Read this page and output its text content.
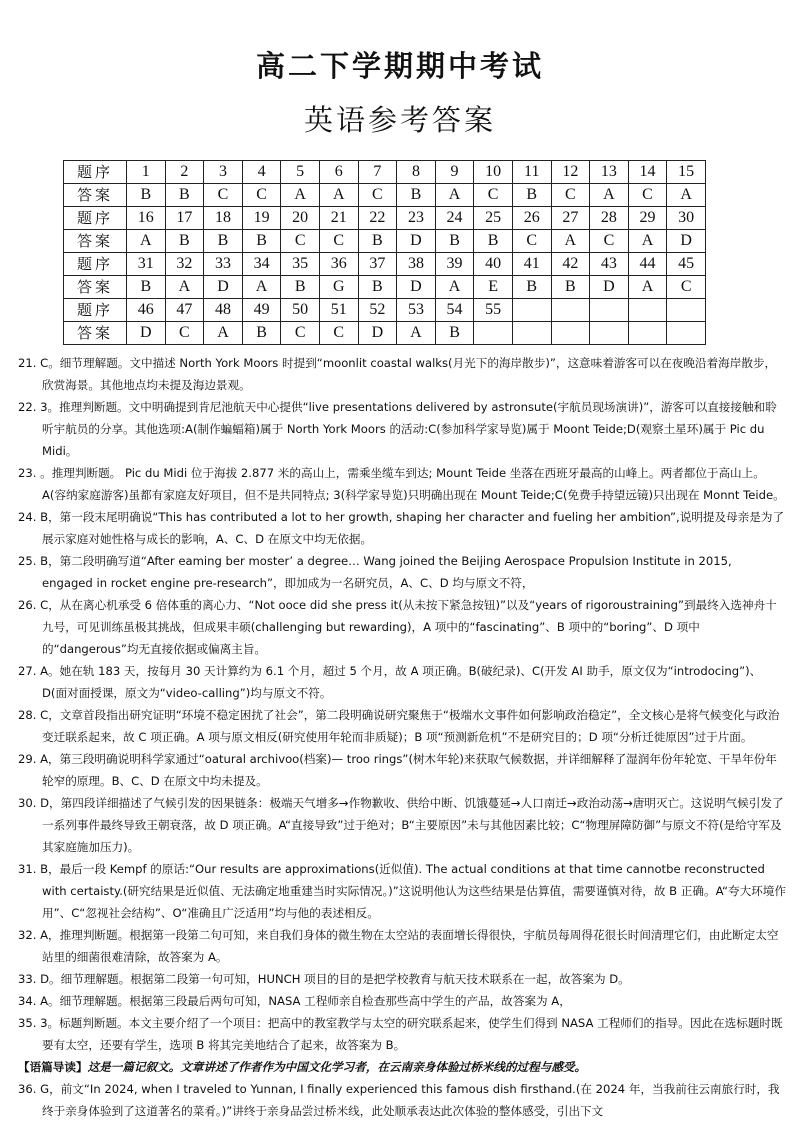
高二下学期期中考试
英语参考答案
题序	1	2	3	4	5	6	7	8	9	10	11	12	13	14	15
答案	B	B	C	C	A	A	C	B	A	C	B	C	A	C	A
题序	16	17	18	19	20	21	22	23	24	25	26	27	28	29	30
答案	A	B	B	B	C	C	B	D	B	B	C	A	C	A	D
题序	31	32	33	34	35	36	37	38	39	40	41	42	43	44	45
答案	B	A	D	A	B	G	B	D	A	E	B	B	D	A	C
题序	46	47	48	49	50	51	52	53	54	55					
答案	D	C	A	B	C	C	D	A	B						

21. C。细节理解题。文中描述 North York Moors 时提到“moonlit coastal walks(月光下的海岸散步)”，这意味着游客可以在夜晚沿着海岸散步，欣赏海景。其他地点均未提及海边景观。

22. 3。推理判断题。文中明确提到肯尼池航天中心提供“live presentations delivered by astronsute(宇航员现场演讲)”，游客可以直接接触和聆听宇航员的分享。其他选项:A(制作蝙蝠箱)属于 North York Moors 的活动:C(参加科学家导览)属于 Moont Teide;D(观察土星环)属于 Pic du Midi。

23. 。推理判断题。 Pic du Midi 位于海拔 2.877 米的高山上，需乘坐缆车到达; Mount Teide 坐落在西班牙最高的山峰上。两者都位于高山上。A(容纳家庭游客)虽都有家庭友好项目，但不是共同特点; 3(科学家导览)只明确出现在 Mount Teide;C(免费手持望远镜)只出现在 Monnt Teide。

24. B，第一段末尾明确说“This has contributed a lot to her growth, shaping her character and fueling her ambition”,说明提及母亲是为了展示家庭对她性格与成长的影响，A、C、D 在原文中均无依据。

25. B，第二段明确写道“After eaming ber moster’ a degree… Wang joined the Beijing Aerospace Propulsion Institute in 2015, engaged in rocket engine pre-research”，即加成为一名研究员，A、C、D 均与原文不符，

26. C，从在离心机承受 6 倍体重的离心力、“Not ooce did she press it(从未按下紧急按钮)”以及“years of rigoroustraining”到最终入选神舟十九号，可见训练虽极其挑战，但成果丰硕(challenging but rewarding)，A 项中的“fascinating”、B 项中的“boring”、D 项中的“dangerous”均无直接依据或偏离主旨。

27. A。她在轨 183 天，按每月 30 天计算约为 6.1 个月，超过 5 个月，故 A 项正确。B(破纪录)、C(开发 AI 助手，原文仅为“introdocing”)、D(面对面授课，原文为“video-calling”)均与原文不符。

28. C，文章首段指出研究证明“环境不稳定困扰了社会”，第二段明确说研究聚焦于“极端水文事件如何影响政治稳定”，全文核心是将气候变化与政治变迁联系起来，故 C 项正确。A 项与原文相反(研究使用年轮而非质疑)；B 项“预测新危机”不是研究目的；D 项“分析迁徙原因”过于片面。

29. A，第三段明确说明科学家通过“oatural archivoo(档案)— troo rings”(树木年轮)来获取气候数据，并详细解释了湿润年份年轮宽、干旱年份年轮窄的原理。B、C、D 在原文中均未提及。

30. D，第四段详细描述了气候引发的因果链条：极端天气增多→作物歉收、供给中断、饥饿蔓延→人口南迁→政治动荡→唐明灭亡。这说明气候引发了一系列事件最终导致王朝衰落，故 D 项正确。A“直接导致”过于绝对；B“主要原因”未与其他因素比较；C“物理屏障防御”与原文不符(是给守军及其家庭施加压力)。

31. B，最后一段 Kempf 的原话:“Our results are approximations(近似值). The actual conditions at that time cannotbe reconstructed with certaisty.(研究结果是近似值、无法确定地重建当时实际情况。)”这说明他认为这些结果是估算值，需要谨慎对待，故 B 正确。A“夸大环境作用”、C“忽视社会结构”、O“准确且广泛适用”均与他的表述相反。

32. A，推理判断题。根据第一段第二句可知，来自我们身体的微生物在太空站的表面增长得很快，宇航员每周得花很长时间清理它们，由此断定太空站里的细菌很难清除，故答案为 A。

33. D。细节理解题。根据第二段第一句可知，HUNCH 项目的目的是把学校教育与航天技术联系在一起，故答案为 D。

34. A。细节理解题。根据第三段最后两句可知，NASA 工程师亲自检查那些高中学生的产品，故答案为 A，

35. 3。标题判断题。本文主要介绍了一个项目：把高中的教室教学与太空的研究联系起来，使学生们得到 NASA 工程师们的指导。因此在选标题时既要有太空，还要有学生，选项 B 将其完美地结合了起来，故答案为 B。

【语篇导读】这是一篇记叙文。文章讲述了作者作为中国文化学习者，在云南亲身体验过桥米线的过程与感受。

36. G，前文“In 2024, when I traveled to Yunnan, I finally experienced this famous dish firsthand.(在 2024 年，当我前往云南旅行时，我终于亲身体验到了这道著名的菜肴。)”讲终于亲身品尝过桥米线，此处顺承表达此次体验的整体感受，引出下文
